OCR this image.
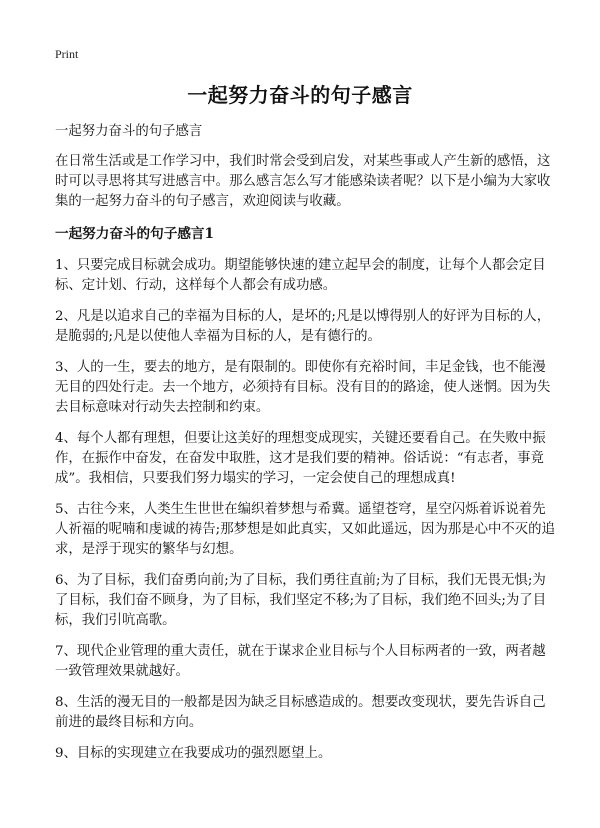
Print
一起努力奋斗的句子感言

一起努力奋斗的句子感言

在日常生活或是工作学习中，我们时常会受到启发，对某些事或人产生新的感悟，这时可以寻思将其写进感言中。那么感言怎么写才能感染读者呢？以下是小编为大家收集的一起努力奋斗的句子感言，欢迎阅读与收藏。

一起努力奋斗的句子感言1

1、只要完成目标就会成功。期望能够快速的建立起早会的制度，让每个人都会定目标、定计划、行动，这样每个人都会有成功感。

2、凡是以追求自己的幸福为目标的人，是坏的;凡是以博得别人的好评为目标的人，是脆弱的;凡是以使他人幸福为目标的人，是有德行的。

3、人的一生，要去的地方，是有限制的。即使你有充裕时间，丰足金钱，也不能漫无目的四处行走。去一个地方，必须持有目标。没有目的的路途，使人迷惘。因为失去目标意味对行动失去控制和约束。

4、每个人都有理想，但要让这美好的理想变成现实，关键还要看自己。在失败中振作，在振作中奋发，在奋发中取胜，这才是我们要的精神。俗话说：“有志者，事竟成”。我相信，只要我们努力塌实的学习，一定会使自己的理想成真!

5、古往今来，人类生生世世在编织着梦想与希冀。遥望苍穹，星空闪烁着诉说着先人祈福的呢喃和虔诚的祷告;那梦想是如此真实，又如此遥远，因为那是心中不灭的追求，是浮于现实的繁华与幻想。

6、为了目标，我们奋勇向前;为了目标，我们勇往直前;为了目标，我们无畏无惧;为了目标，我们奋不顾身，为了目标，我们坚定不移;为了目标，我们绝不回头;为了目标，我们引吭高歌。

7、现代企业管理的重大责任，就在于谋求企业目标与个人目标两者的一致，两者越一致管理效果就越好。

8、生活的漫无目的一般都是因为缺乏目标感造成的。想要改变现状，要先告诉自己前进的最终目标和方向。

9、目标的实现建立在我要成功的强烈愿望上。
